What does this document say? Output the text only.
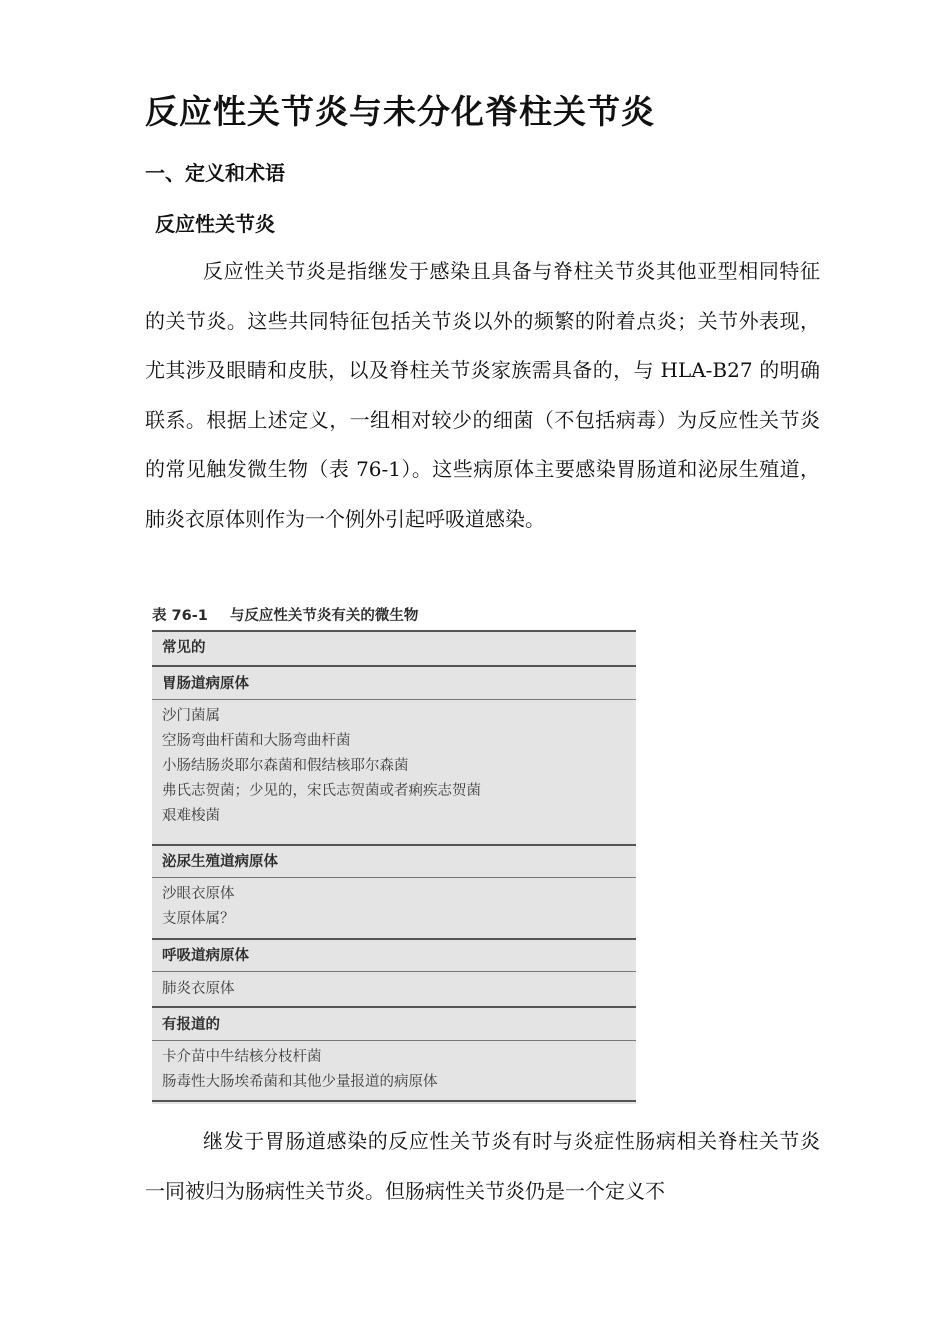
反应性关节炎与未分化脊柱关节炎
一、定义和术语
反应性关节炎

反应性关节炎是指继发于感染且具备与脊柱关节炎其他亚型相同特征的关节炎。这些共同特征包括关节炎以外的频繁的附着点炎；关节外表现，尤其涉及眼睛和皮肤，以及脊柱关节炎家族需具备的，与 HLA-B27 的明确联系。根据上述定义，一组相对较少的细菌（不包括病毒）为反应性关节炎的常见触发微生物（表 76-1）。这些病原体主要感染胃肠道和泌尿生殖道，肺炎衣原体则作为一个例外引起呼吸道感染。

表 76-1 与反应性关节炎有关的微生物
常见的
胃肠道病原体
沙门菌属
空肠弯曲杆菌和大肠弯曲杆菌
小肠结肠炎耶尔森菌和假结核耶尔森菌
弗氏志贺菌；少见的，宋氏志贺菌或者痢疾志贺菌
艰难梭菌
泌尿生殖道病原体
沙眼衣原体
支原体属？
呼吸道病原体
肺炎衣原体
有报道的
卡介苗中牛结核分枝杆菌
肠毒性大肠埃希菌和其他少量报道的病原体

继发于胃肠道感染的反应性关节炎有时与炎症性肠病相关脊柱关节炎一同被归为肠病性关节炎。但肠病性关节炎仍是一个定义不
